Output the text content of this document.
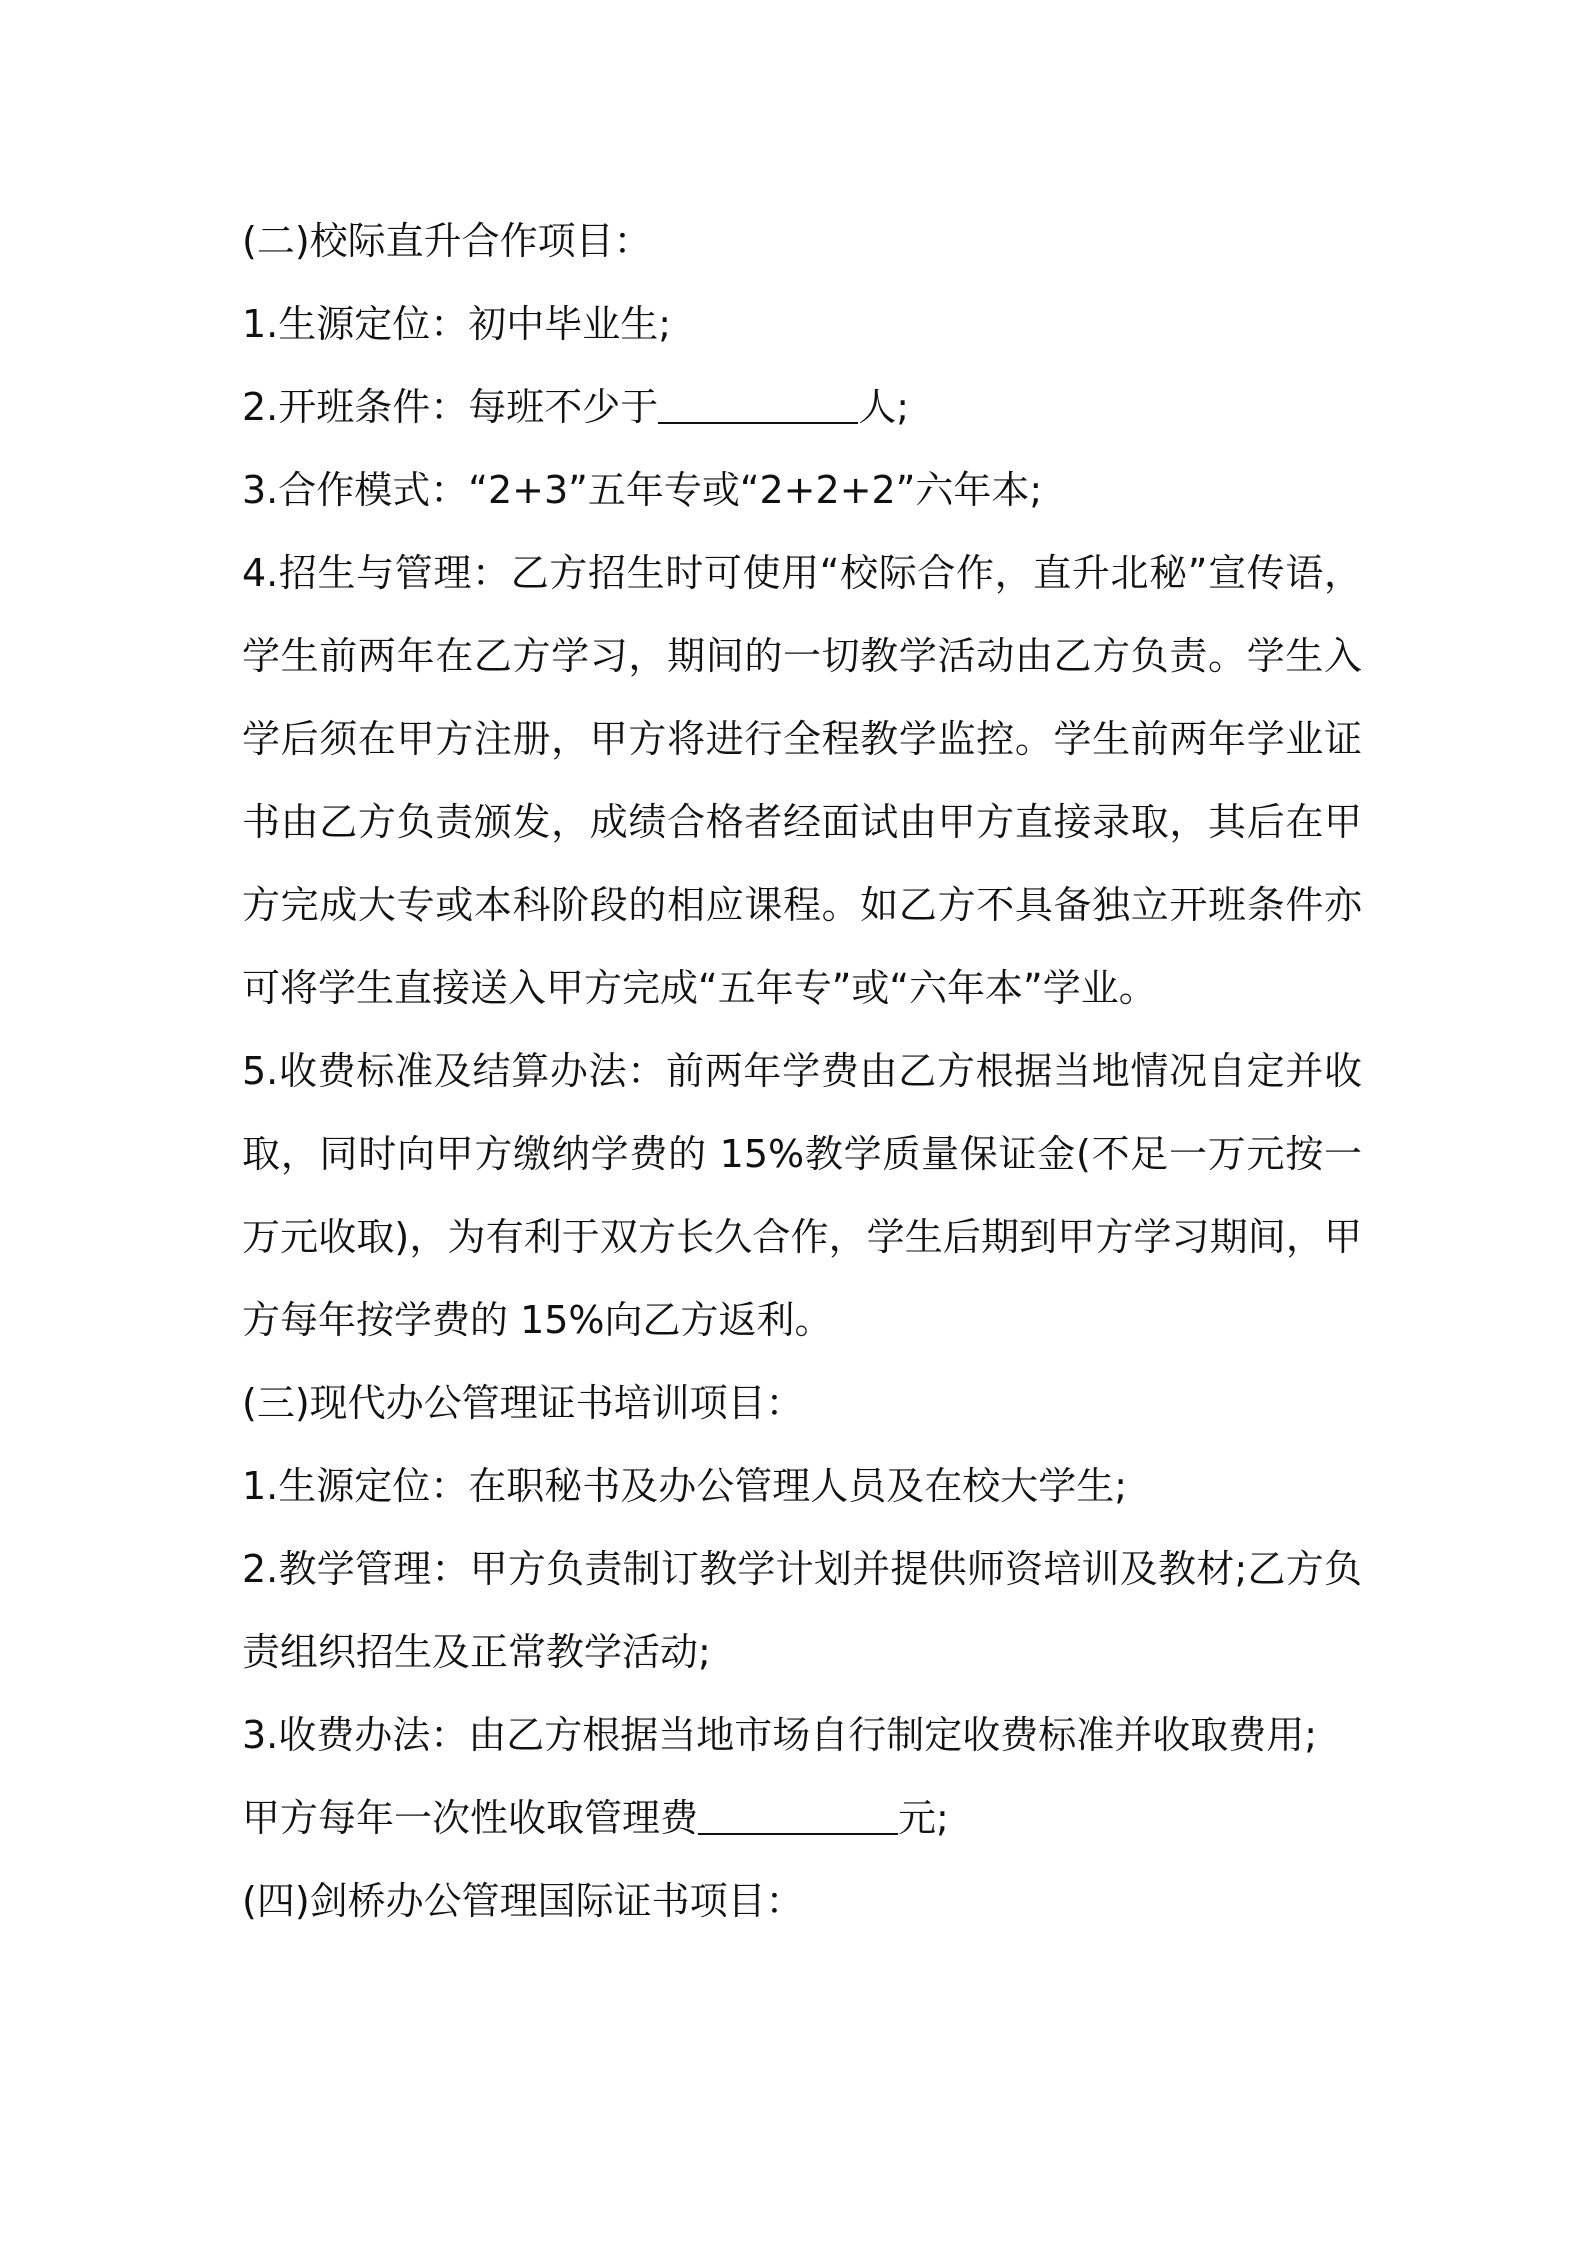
(二)校际直升合作项目：

1.生源定位：初中毕业生;

2.开班条件：每班不少于	人;

3.合作模式：“2+3”五年专或“2+2+2”六年本;

4.招生与管理：乙方招生时可使用“校际合作，直升北秘”宣传语，学生前两年在乙方学习，期间的一切教学活动由乙方负责。学生入学后须在甲方注册，甲方将进行全程教学监控。学生前两年学业证书由乙方负责颁发，成绩合格者经面试由甲方直接录取，其后在甲方完成大专或本科阶段的相应课程。如乙方不具备独立开班条件亦可将学生直接送入甲方完成“五年专”或“六年本”学业。

5.收费标准及结算办法：前两年学费由乙方根据当地情况自定并收取，同时向甲方缴纳学费的 15%教学质量保证金(不足一万元按一万元收取)，为有利于双方长久合作，学生后期到甲方学习期间，甲方每年按学费的 15%向乙方返利。

(三)现代办公管理证书培训项目：

1.生源定位：在职秘书及办公管理人员及在校大学生;

2.教学管理：甲方负责制订教学计划并提供师资培训及教材;乙方负责组织招生及正常教学活动;

3.收费办法：由乙方根据当地市场自行制定收费标准并收取费用;

甲方每年一次性收取管理费	元;

(四)剑桥办公管理国际证书项目：
